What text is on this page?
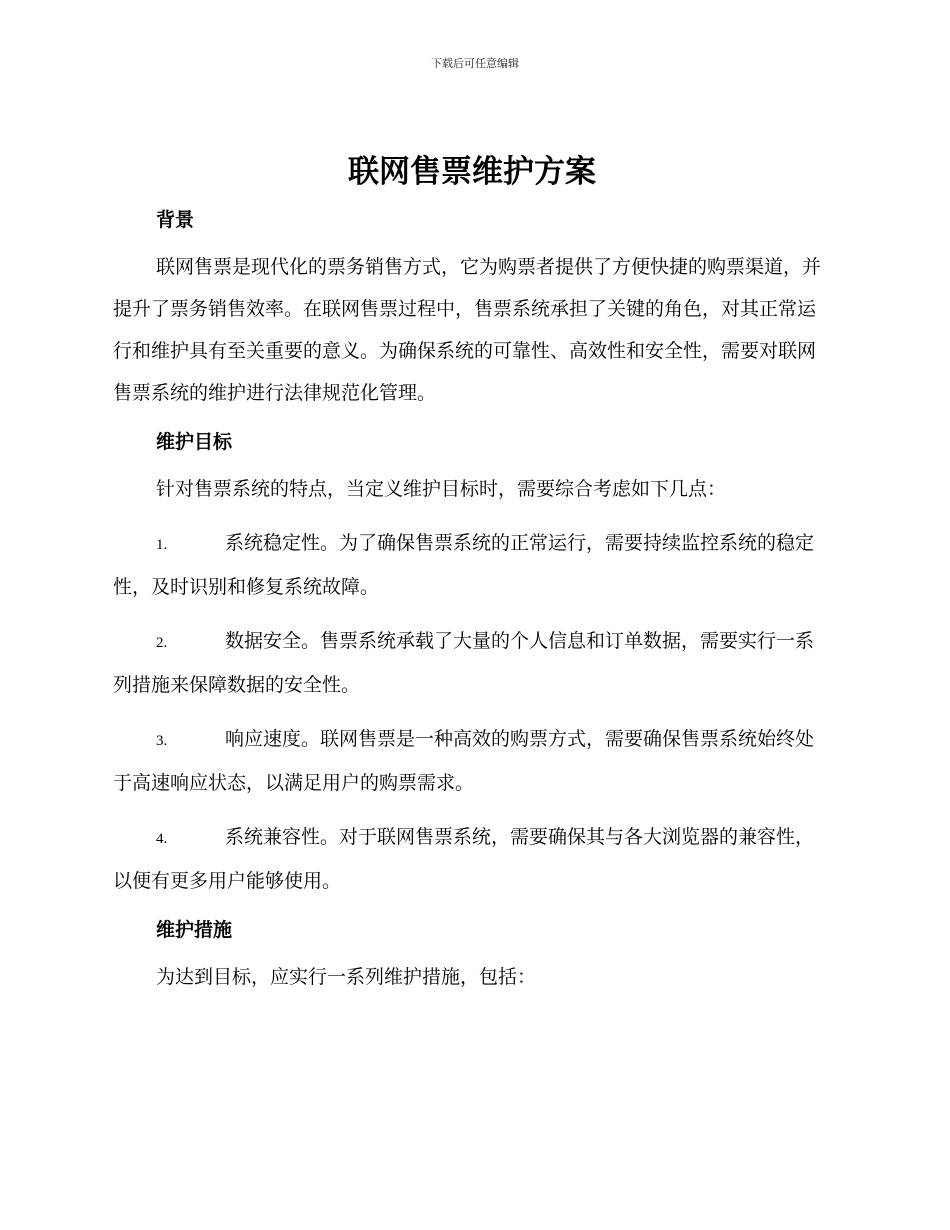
下载后可任意编辑
联网售票维护方案
背景

联网售票是现代化的票务销售方式，它为购票者提供了方便快捷的购票渠道，并提升了票务销售效率。在联网售票过程中，售票系统承担了关键的角色，对其正常运行和维护具有至关重要的意义。为确保系统的可靠性、高效性和安全性，需要对联网售票系统的维护进行法律规范化管理。

维护目标

针对售票系统的特点，当定义维护目标时，需要综合考虑如下几点：

1.	系统稳定性。为了确保售票系统的正常运行，需要持续监控系统的稳定性，及时识别和修复系统故障。

2.	数据安全。售票系统承载了大量的个人信息和订单数据，需要实行一系列措施来保障数据的安全性。

3.	响应速度。联网售票是一种高效的购票方式，需要确保售票系统始终处于高速响应状态，以满足用户的购票需求。

4.	系统兼容性。对于联网售票系统，需要确保其与各大浏览器的兼容性，以便有更多用户能够使用。

维护措施

为达到目标，应实行一系列维护措施，包括：
